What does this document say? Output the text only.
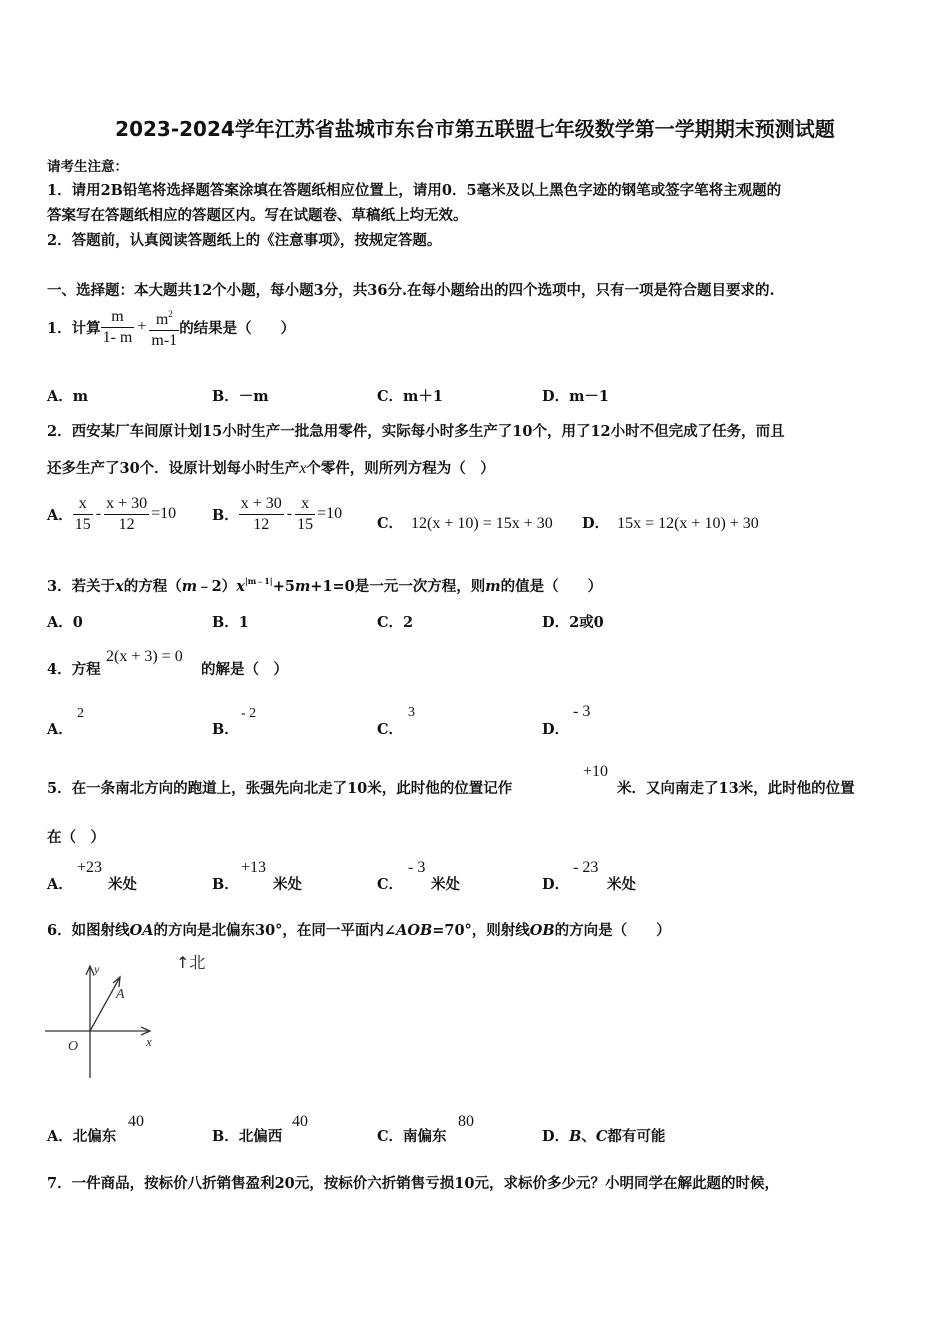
2023-2024学年江苏省盐城市东台市第五联盟七年级数学第一学期期末预测试题
请考生注意：
1．请用2B铅笔将选择题答案涂填在答题纸相应位置上，请用0．5毫米及以上黑色字迹的钢笔或签字笔将主观题的
答案写在答题纸相应的答题区内。写在试题卷、草稿纸上均无效。
2．答题前，认真阅读答题纸上的《注意事项》，按规定答题。
一、选择题：本大题共12个小题，每小题3分，共36分.在每小题给出的四个选项中，只有一项是符合题目要求的.
1．计算 $\frac{m}{1- m} + \frac{m^2}{m-1}$ 的结果是（　　）
A．m	B．－m	C．m＋1	D．m－1
2．西安某厂车间原计划15小时生产一批急用零件，实际每小时多生产了10个，用了12小时不但完成了任务，而且
还多生产了30个．设原计划每小时生产x个零件，则所列方程为（　）
A． $\frac{x}{15} - \frac{x + 30}{12} =10$ B． $\frac{x + 30}{12} - \frac{x}{15} =10$
C． 12(x + 10) = 15x + 30 D． 15x = 12(x + 10) + 30
3．若关于x的方程$(m﹣2)x^{|m﹣1|}+5m+1=0$是一元一次方程，则m的值是（　　）
A．0	B．1	C．2	D．2或0
4．方程
2(x + 3) = 0
的解是（　）
A．
2
B．
- 2
C．
3
D．
- 3
5．在一条南北方向的跑道上，张强先向北走了10米，此时他的位置记作
+10
米．又向南走了13米，此时他的位置
在（　）
A．
+23
米处	B．
+13
米处	C．
- 3
米处	D．
- 23
米处
6．如图射线OA的方向是北偏东30°，在同一平面内∠AOB=70°，则射线OB的方向是（　　）
↑北
y
x
O
A
A．北偏东
40
B．北偏西
40
C．南偏东
80
D．B、C都有可能
7．一件商品，按标价八折销售盈利20元，按标价六折销售亏损10元，求标价多少元？小明同学在解此题的时候，
